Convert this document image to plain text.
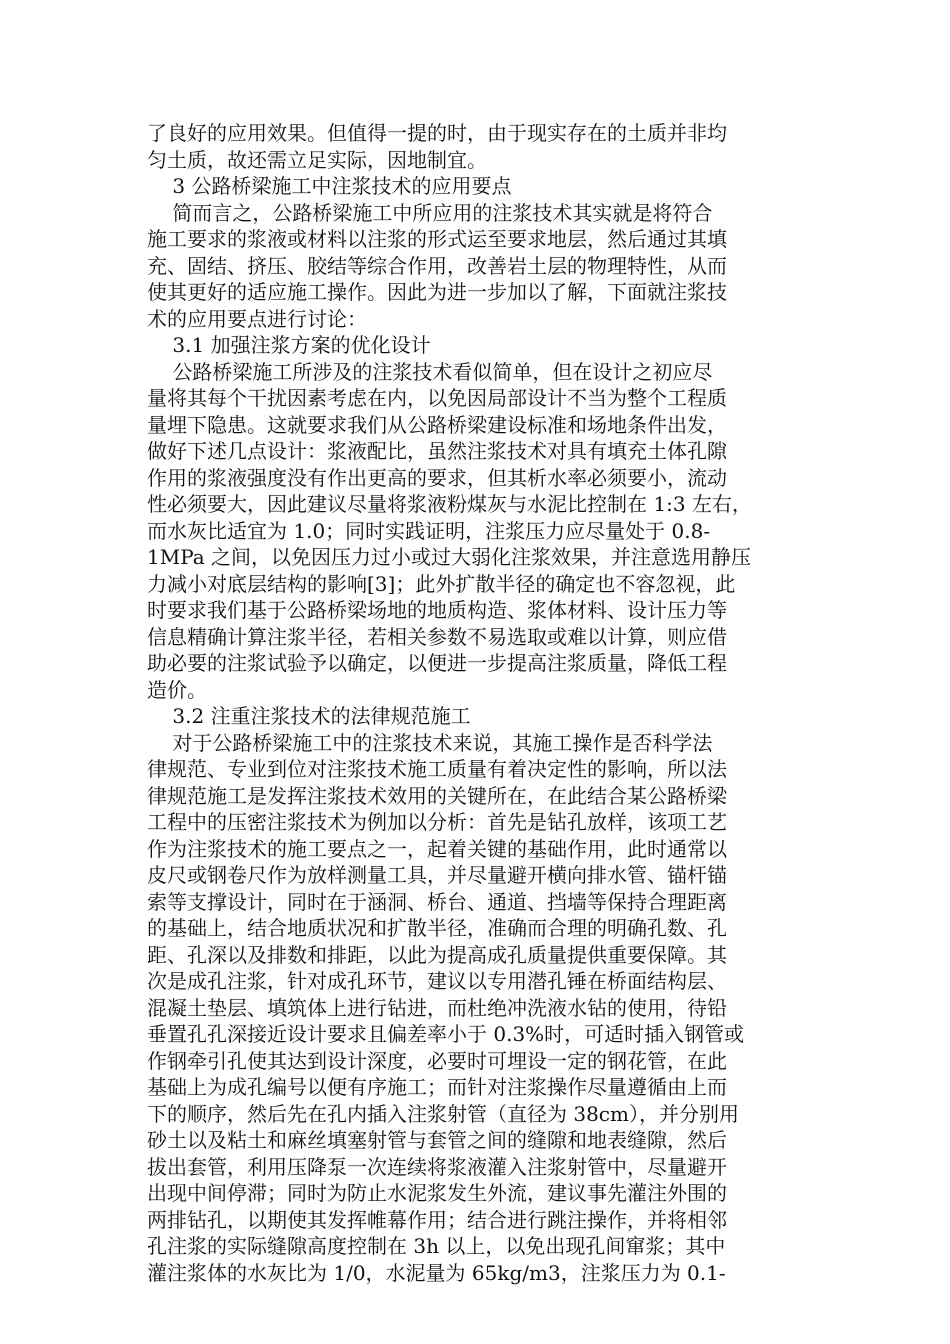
了良好的应用效果。但值得一提的时，由于现实存在的土质并非均
匀土质，故还需立足实际，因地制宜。
3 公路桥梁施工中注浆技术的应用要点
简而言之，公路桥梁施工中所应用的注浆技术其实就是将符合
施工要求的浆液或材料以注浆的形式运至要求地层，然后通过其填
充、固结、挤压、胶结等综合作用，改善岩土层的物理特性，从而
使其更好的适应施工操作。因此为进一步加以了解，下面就注浆技
术的应用要点进行讨论：
3.1 加强注浆方案的优化设计
公路桥梁施工所涉及的注浆技术看似简单，但在设计之初应尽
量将其每个干扰因素考虑在内，以免因局部设计不当为整个工程质
量埋下隐患。这就要求我们从公路桥梁建设标准和场地条件出发，
做好下述几点设计：浆液配比，虽然注浆技术对具有填充土体孔隙
作用的浆液强度没有作出更高的要求，但其析水率必须要小，流动
性必须要大，因此建议尽量将浆液粉煤灰与水泥比控制在 1:3 左右，
而水灰比适宜为 1.0；同时实践证明，注浆压力应尽量处于 0.8-
1MPa 之间，以免因压力过小或过大弱化注浆效果，并注意选用静压
力减小对底层结构的影响[3]；此外扩散半径的确定也不容忽视，此
时要求我们基于公路桥梁场地的地质构造、浆体材料、设计压力等
信息精确计算注浆半径，若相关参数不易选取或难以计算，则应借
助必要的注浆试验予以确定，以便进一步提高注浆质量，降低工程
造价。
3.2 注重注浆技术的法律规范施工
对于公路桥梁施工中的注浆技术来说，其施工操作是否科学法
律规范、专业到位对注浆技术施工质量有着决定性的影响，所以法
律规范施工是发挥注浆技术效用的关键所在，在此结合某公路桥梁
工程中的压密注浆技术为例加以分析：首先是钻孔放样，该项工艺
作为注浆技术的施工要点之一，起着关键的基础作用，此时通常以
皮尺或钢卷尺作为放样测量工具，并尽量避开横向排水管、锚杆锚
索等支撑设计，同时在于涵洞、桥台、通道、挡墙等保持合理距离
的基础上，结合地质状况和扩散半径，准确而合理的明确孔数、孔
距、孔深以及排数和排距，以此为提高成孔质量提供重要保障。其
次是成孔注浆，针对成孔环节，建议以专用潜孔锤在桥面结构层、
混凝土垫层、填筑体上进行钻进，而杜绝冲洗液水钻的使用，待铅
垂置孔孔深接近设计要求且偏差率小于 0.3%时，可适时插入钢管或
作钢牵引孔使其达到设计深度，必要时可埋设一定的钢花管，在此
基础上为成孔编号以便有序施工；而针对注浆操作尽量遵循由上而
下的顺序，然后先在孔内插入注浆射管（直径为 38cm），并分别用
砂土以及粘土和麻丝填塞射管与套管之间的缝隙和地表缝隙，然后
拔出套管，利用压降泵一次连续将浆液灌入注浆射管中，尽量避开
出现中间停滞；同时为防止水泥浆发生外流，建议事先灌注外围的
两排钻孔，以期使其发挥帷幕作用；结合进行跳注操作，并将相邻
孔注浆的实际缝隙高度控制在 3h 以上，以免出现孔间窜浆；其中
灌注浆体的水灰比为 1/0，水泥量为 65kg/m3，注浆压力为 0.1-
